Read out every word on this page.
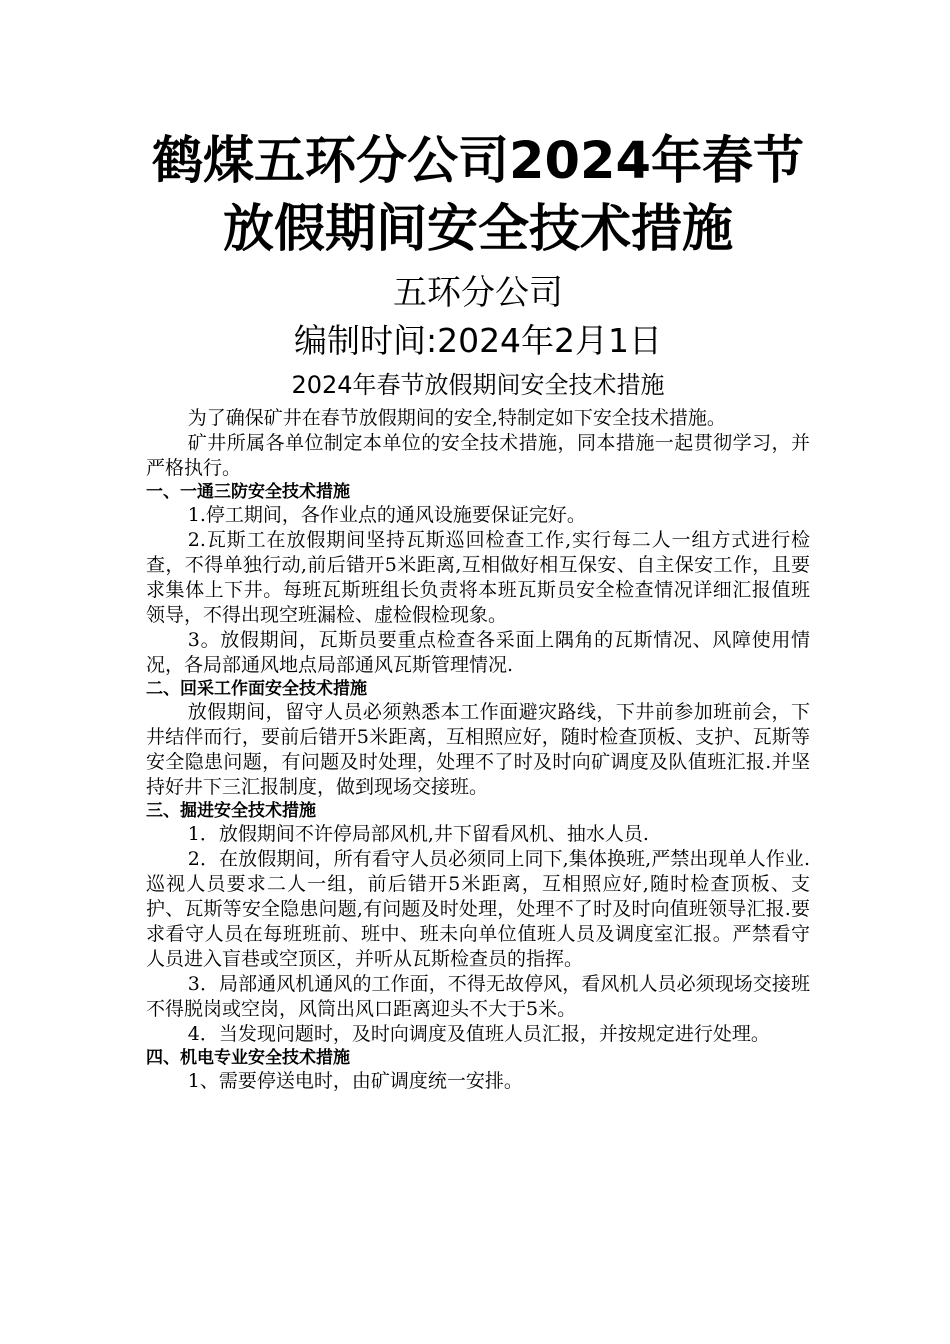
鹤煤五环分公司2024年春节
放假期间安全技术措施
五环分公司
编制时间:2024年2月1日
2024年春节放假期间安全技术措施

为了确保矿井在春节放假期间的安全,特制定如下安全技术措施。

矿井所属各单位制定本单位的安全技术措施，同本措施一起贯彻学习，并严格执行。

一、一通三防安全技术措施

1.停工期间，各作业点的通风设施要保证完好。

2.瓦斯工在放假期间坚持瓦斯巡回检查工作,实行每二人一组方式进行检查，不得单独行动,前后错开5米距离,互相做好相互保安、自主保安工作，且要求集体上下井。每班瓦斯班组长负责将本班瓦斯员安全检查情况详细汇报值班领导，不得出现空班漏检、虚检假检现象。

3。放假期间，瓦斯员要重点检查各采面上隅角的瓦斯情况、风障使用情况，各局部通风地点局部通风瓦斯管理情况.

二、回采工作面安全技术措施

放假期间，留守人员必须熟悉本工作面避灾路线，下井前参加班前会，下井结伴而行，要前后错开5米距离，互相照应好，随时检查顶板、支护、瓦斯等安全隐患问题，有问题及时处理，处理不了时及时向矿调度及队值班汇报.并坚持好井下三汇报制度，做到现场交接班。

三、掘进安全技术措施

1．放假期间不许停局部风机,井下留看风机、抽水人员.

2．在放假期间，所有看守人员必须同上同下,集体换班,严禁出现单人作业.巡视人员要求二人一组，前后错开5米距离，互相照应好,随时检查顶板、支护、瓦斯等安全隐患问题,有问题及时处理，处理不了时及时向值班领导汇报.要求看守人员在每班班前、班中、班未向单位值班人员及调度室汇报。严禁看守人员进入盲巷或空顶区，并听从瓦斯检查员的指挥。

3．局部通风机通风的工作面，不得无故停风，看风机人员必须现场交接班不得脱岗或空岗，风筒出风口距离迎头不大于5米。

4．当发现问题时，及时向调度及值班人员汇报，并按规定进行处理。

四、机电专业安全技术措施

1、需要停送电时，由矿调度统一安排。
